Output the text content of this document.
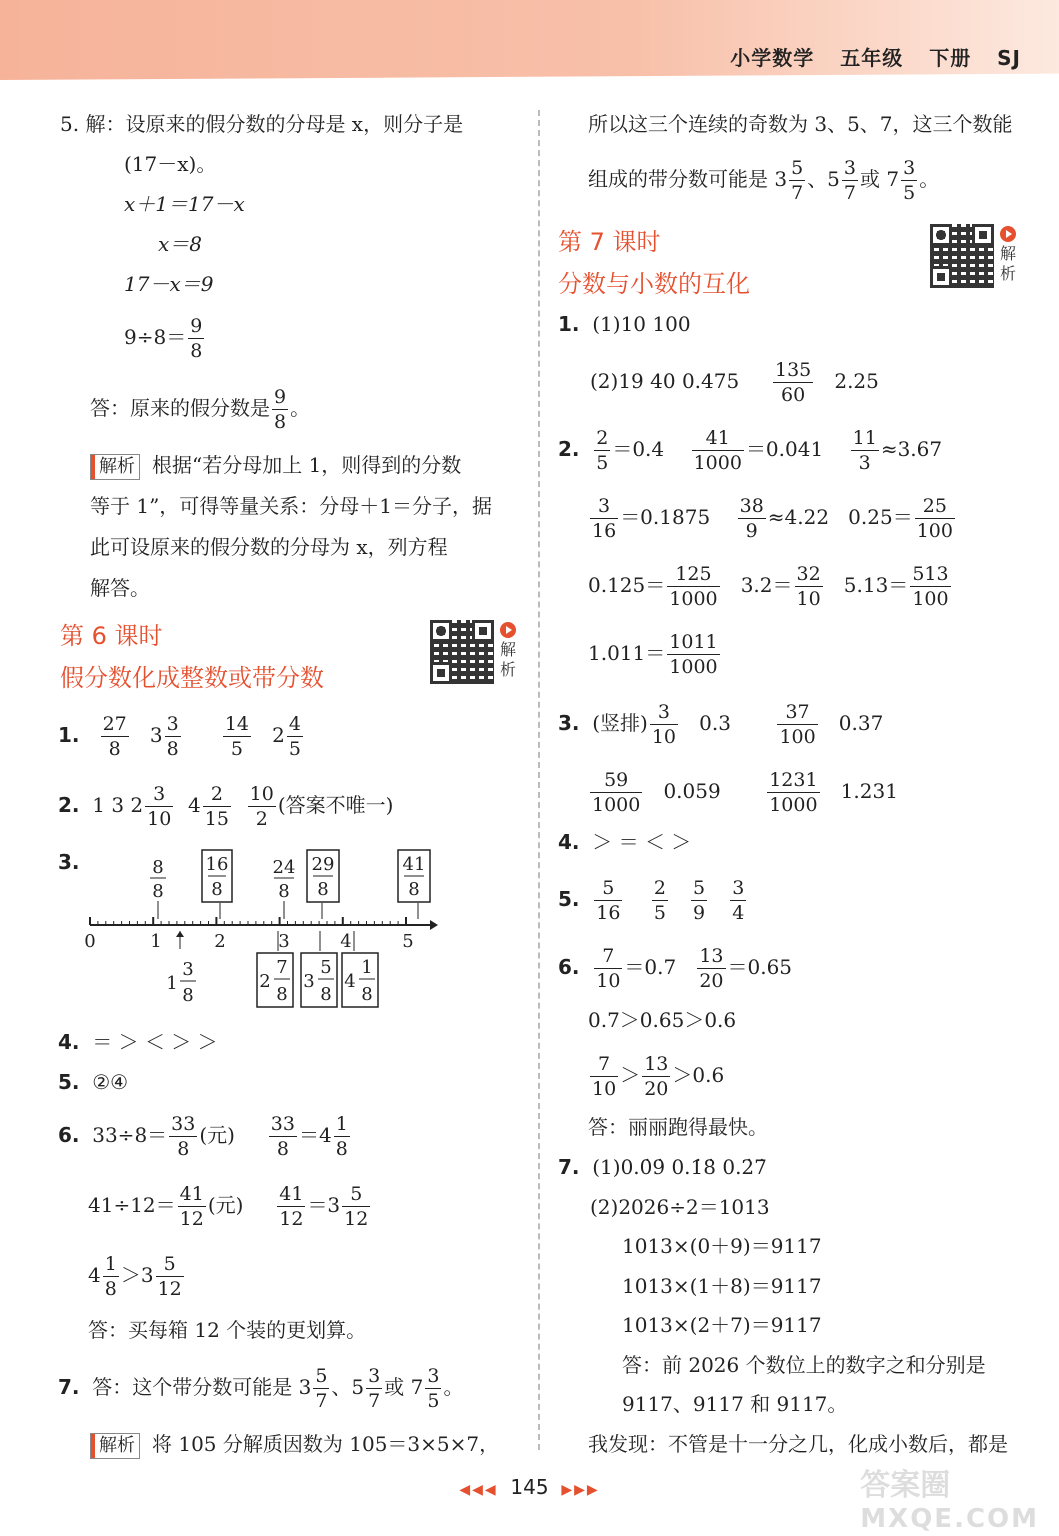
小学数学 五年级 下册 SJ
5. 解：设原来的假分数的分母是 x，则分子是
(17－x)。
x＋1＝17－x
x＝8
17－x＝9
$9\div 8= \frac{9}{8}$
答：原来的假分数是 $\frac{9}{8}$ 。
解析 根据“若分母加上 1，则得到的分数
等于 1”，可得等量关系：分母＋1＝分子，据
此可设原来的假分数的分母为 x，列方程
解答。
第 6 课时
假分数化成整数或带分数
解析
1. $\frac{27}{8} 3 \frac{3}{8}$
$\frac{14}{5} 2 \frac{4}{5}$
2. 1 3 $2 \frac{3}{10} 4 \frac{2}{15}$
$\frac{10}{2}$ (答案不唯一)
3.
0	1	2	3	4	5
8
8
16
8
24
8
29
8
41
8
1
3
8
2
7
8
3
5
8
4
1
8
4. ＝ ＞ ＜ ＞ ＞
5. ②④
6. $33\div 8= \frac{33}{8}$ (元) $\frac{33}{8} =4 \frac{1}{8}$
$41\div 12= \frac{41}{12}$ (元) $\frac{41}{12} =3 \frac{5}{12}$
$4 \frac{1}{8} >3 \frac{5}{12}$
答：买每箱 12 个装的更划算。
7. 答：这个带分数可能是 $3 \frac{5}{7}$ 、$5 \frac{3}{7}$ 或 $7 \frac{3}{5}$ 。
解析 将 105 分解质因数为 105＝3×5×7，
所以这三个连续的奇数为 3、5、7，这三个数能
组成的带分数可能是 $3 \frac{5}{7}$ 、$5 \frac{3}{7}$ 或 $7 \frac{3}{5}$ 。
第 7 课时
分数与小数的互化
解析
1. (1)10 100
(2)19 40 $0.475 \frac{135}{60} 2.25$
2. $\frac{2}{5} =0.4 \frac{41}{1000} =0.041 \frac{11}{3} \approx 3.67$
$\frac{3}{16} =0.1875 \frac{38}{9} \approx 4.22$   $0.25= \frac{25}{100}$
$0.125= \frac{125}{1000} 3.2= \frac{32}{10} 5.13= \frac{513}{100}$
$1.011= \frac{1011}{1000}$
3. (竖排) $\frac{3}{10} 0.3 \frac{37}{100} 0.37$
$\frac{59}{1000} 0.059 \frac{1231}{1000} 1.231$
4. ＞ ＝ ＜ ＞
5. $\frac{5}{16}$
$\frac{2}{5}$
$\frac{5}{9}$
$\frac{3}{4}$
6. $\frac{7}{10} =0.7 \frac{13}{20} =0.65$
0.7＞0.65＞0.6
$\frac{7}{10} > \frac{13}{20} >0.6$
答：丽丽跑得最快。
7. (1)0.0̇9̇ 0.1̇8̇ 0.2̇7̇
(2)2026÷2＝1013
1013×(0＋9)＝9117
1013×(1＋8)＝9117
1013×(2＋7)＝9117
答：前 2026 个数位上的数字之和分别是
9117、9117 和 9117。
我发现：不管是十一分之几，化成小数后，都是
◀◀◀ 145 ▶▶▶	答案圈
MXQE.COM
